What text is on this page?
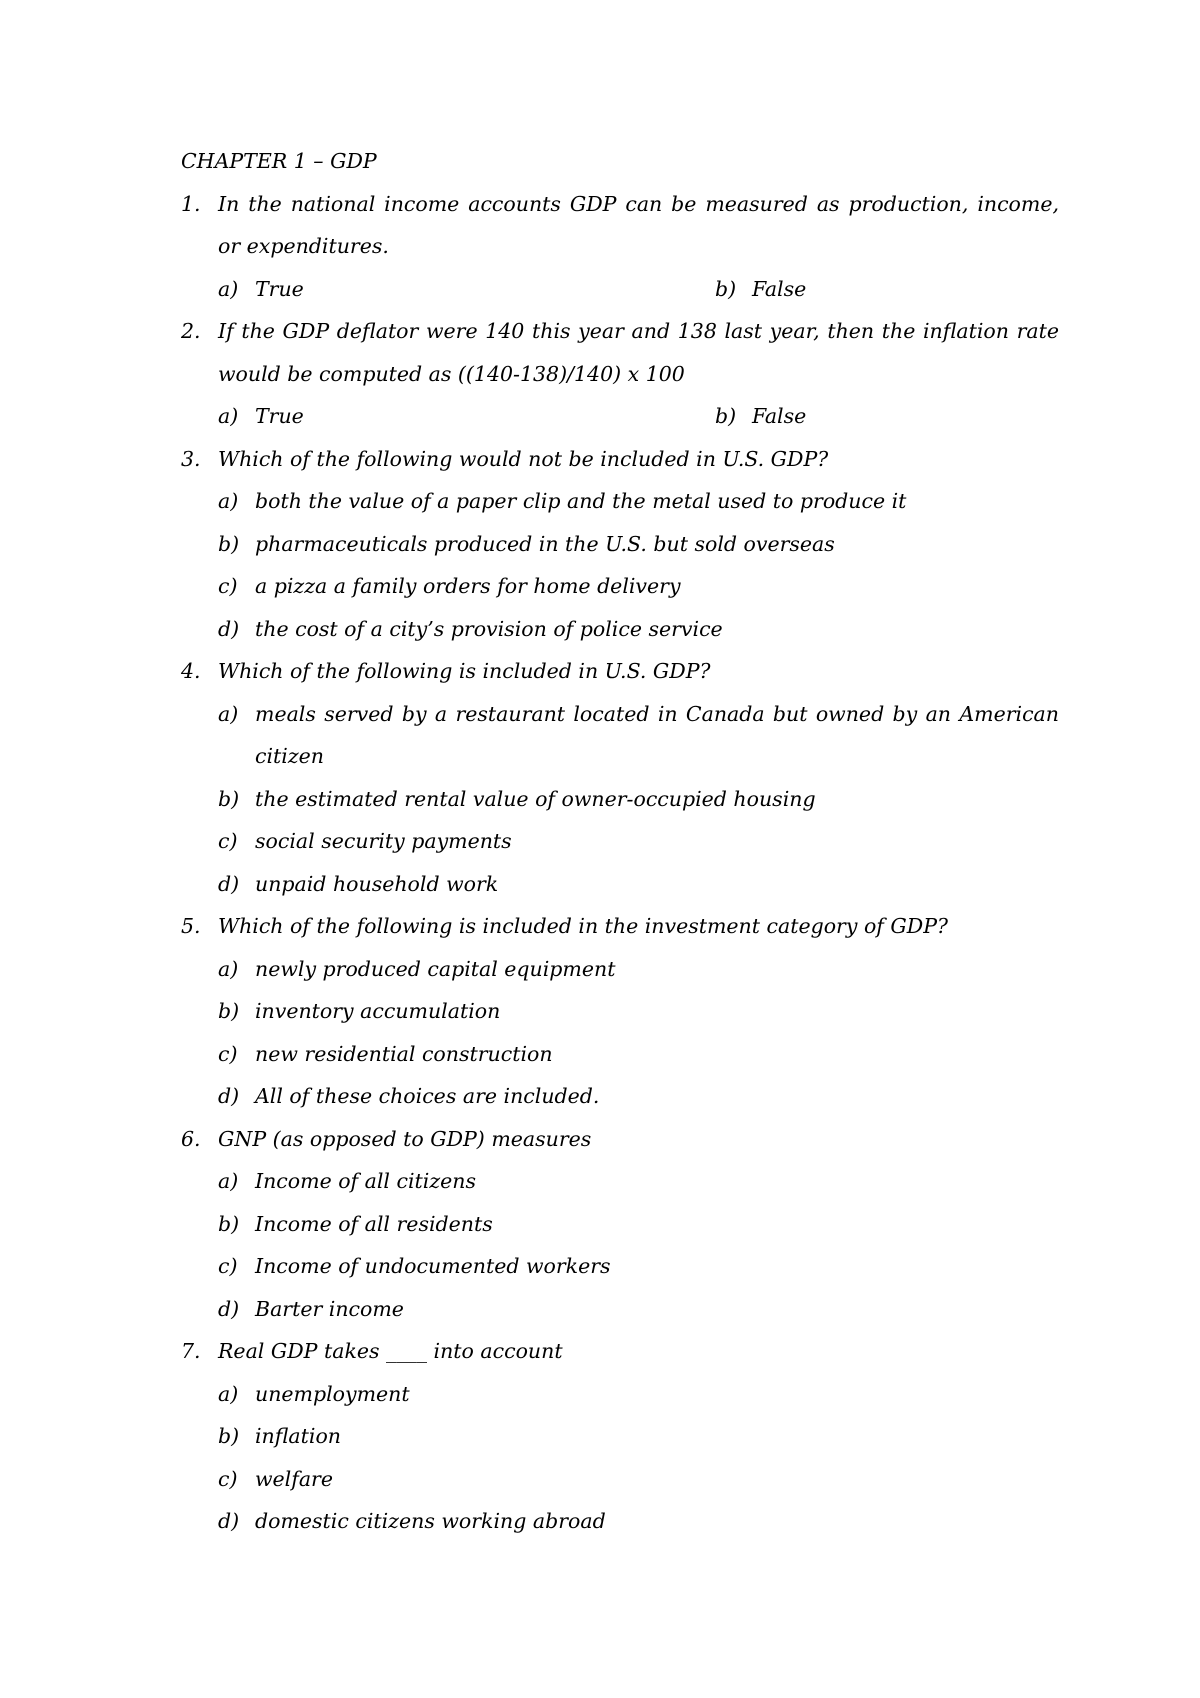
CHAPTER 1 – GDP
1. In the national income accounts GDP can be measured as production, income, or expenditures.
a) True	b) False
2. If the GDP deflator were 140 this year and 138 last year, then the inflation rate would be computed as ((140-138)/140) x 100
a) True	b) False
3. Which of the following would not be included in U.S. GDP?
a) both the value of a paper clip and the metal used to produce it
b) pharmaceuticals produced in the U.S. but sold overseas
c) a pizza a family orders for home delivery
d) the cost of a city’s provision of police service
4. Which of the following is included in U.S. GDP?
a) meals served by a restaurant located in Canada but owned by an American citizen
b) the estimated rental value of owner-occupied housing
c) social security payments
d) unpaid household work
5. Which of the following is included in the investment category of GDP?
a) newly produced capital equipment
b) inventory accumulation
c) new residential construction
d) All of these choices are included.
6. GNP (as opposed to GDP) measures
a) Income of all citizens
b) Income of all residents
c) Income of undocumented workers
d) Barter income
7. Real GDP takes ____ into account
a) unemployment
b) inflation
c) welfare
d) domestic citizens working abroad
